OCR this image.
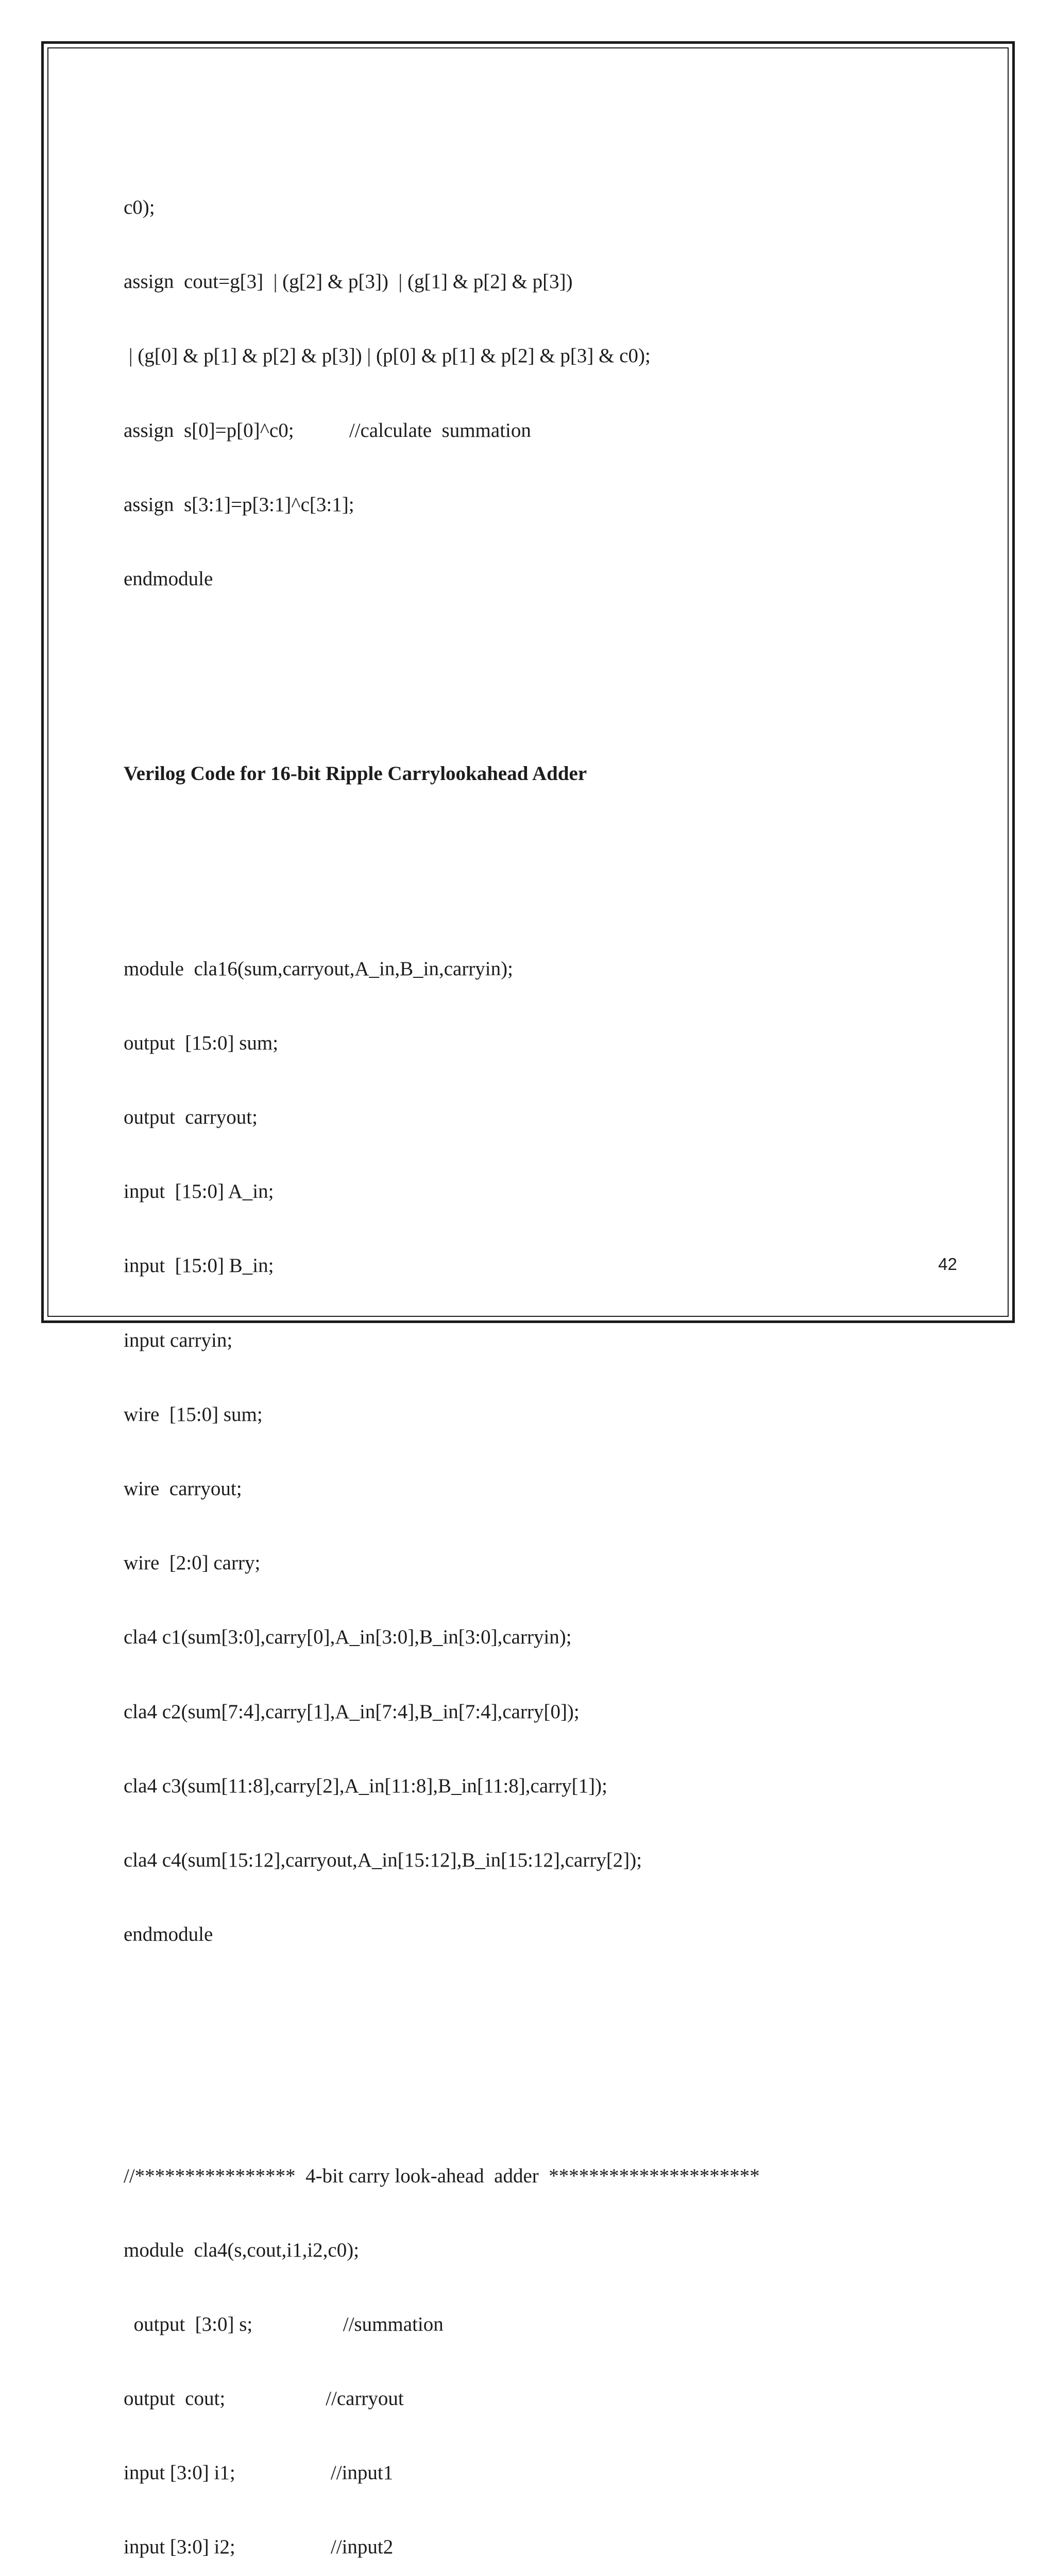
c0);

assign  cout=g[3]  | (g[2] & p[3])  | (g[1] & p[2] & p[3])

| (g[0] & p[1] & p[2] & p[3]) | (p[0] & p[1] & p[2] & p[3] & c0);

assign  s[0]=p[0]^c0;           //calculate  summation

assign  s[3:1]=p[3:1]^c[3:1];

endmodule

Verilog Code for 16-bit Ripple Carrylookahead Adder

module  cla16(sum,carryout,A_in,B_in,carryin);

output  [15:0] sum;

output  carryout;

input  [15:0] A_in;

input  [15:0] B_in;

input carryin;

wire  [15:0] sum;

wire  carryout;

wire  [2:0] carry;

cla4 c1(sum[3:0],carry[0],A_in[3:0],B_in[3:0],carryin);

cla4 c2(sum[7:4],carry[1],A_in[7:4],B_in[7:4],carry[0]);

cla4 c3(sum[11:8],carry[2],A_in[11:8],B_in[11:8],carry[1]);

cla4 c4(sum[15:12],carryout,A_in[15:12],B_in[15:12],carry[2]);

endmodule

//****************  4-bit carry look-ahead  adder  *********************

module  cla4(s,cout,i1,i2,c0);

output  [3:0] s;                  //summation

output  cout;                    //carryout

input [3:0] i1;                   //input1

input [3:0] i2;                   //input2

42
